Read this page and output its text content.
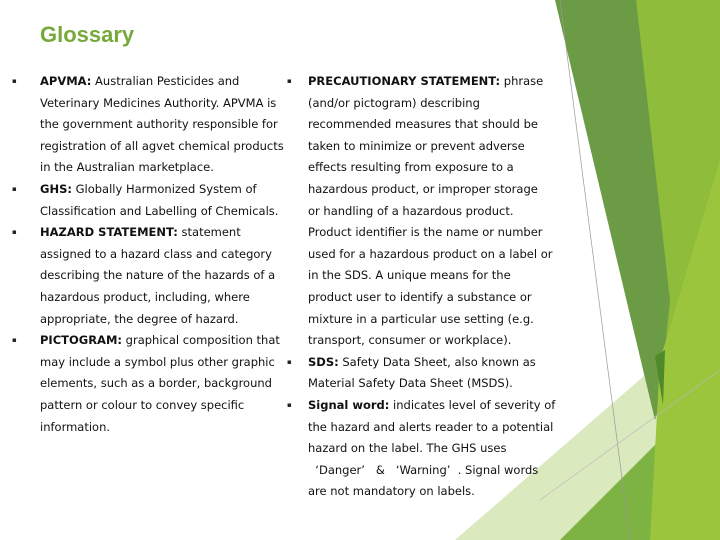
Glossary
▪ APVMA: Australian Pesticides and
Veterinary Medicines Authority. APVMA is
the government authority responsible for
registration of all agvet chemical products
in the Australian marketplace.
▪ GHS: Globally Harmonized System of
Classification and Labelling of Chemicals.
▪ HAZARD STATEMENT: statement
assigned to a hazard class and category
describing the nature of the hazards of a
hazardous product, including, where
appropriate, the degree of hazard.
▪ PICTOGRAM: graphical composition that
may include a symbol plus other graphic
elements, such as a border, background
pattern or colour to convey specific
information.
▪ PRECAUTIONARY STATEMENT: phrase
(and/or pictogram) describing
recommended measures that should be
taken to minimize or prevent adverse
effects resulting from exposure to a
hazardous product, or improper storage
or handling of a hazardous product.
Product identifier is the name or number
used for a hazardous product on a label or
in the SDS. A unique means for the
product user to identify a substance or
mixture in a particular use setting (e.g.
transport, consumer or workplace).
▪ SDS: Safety Data Sheet, also known as
Material Safety Data Sheet (MSDS).
▪ Signal word: indicates level of severity of
the hazard and alerts reader to a potential
hazard on the label. The GHS uses
‘Danger’   &   ‘Warning’  . Signal words
are not mandatory on labels.
